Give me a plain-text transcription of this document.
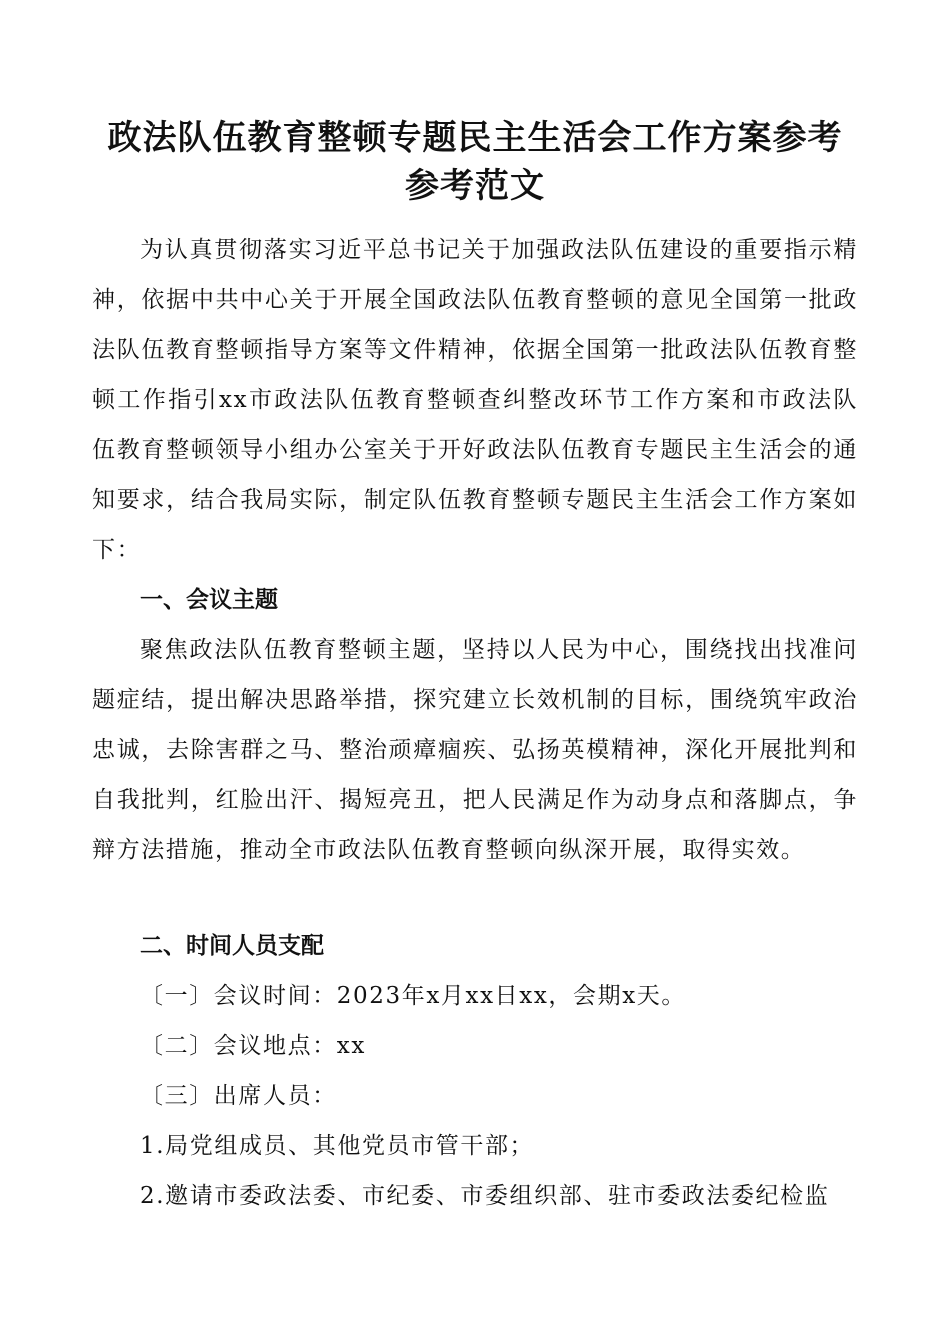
政法队伍教育整顿专题民主生活会工作方案参考
参考范文
为认真贯彻落实习近平总书记关于加强政法队伍建设的重要指示精神，依据中共中心关于开展全国政法队伍教育整顿的意见全国第一批政法队伍教育整顿指导方案等文件精神，依据全国第一批政法队伍教育整顿工作指引xx市政法队伍教育整顿查纠整改环节工作方案和市政法队伍教育整顿领导小组办公室关于开好政法队伍教育专题民主生活会的通知要求，结合我局实际，制定队伍教育整顿专题民主生活会工作方案如下：
一、会议主题
聚焦政法队伍教育整顿主题，坚持以人民为中心，围绕找出找准问题症结，提出解决思路举措，探究建立长效机制的目标，围绕筑牢政治忠诚，去除害群之马、整治顽瘴痼疾、弘扬英模精神，深化开展批判和自我批判，红脸出汗、揭短亮丑，把人民满足作为动身点和落脚点，争辩方法措施，推动全市政法队伍教育整顿向纵深开展，取得实效。
二、时间人员支配
〔一〕会议时间：2023年x月xx日xx，会期x天。
〔二〕会议地点：xx
〔三〕出席人员：
1.局党组成员、其他党员市管干部；
2.邀请市委政法委、市纪委、市委组织部、驻市委政法委纪检监
